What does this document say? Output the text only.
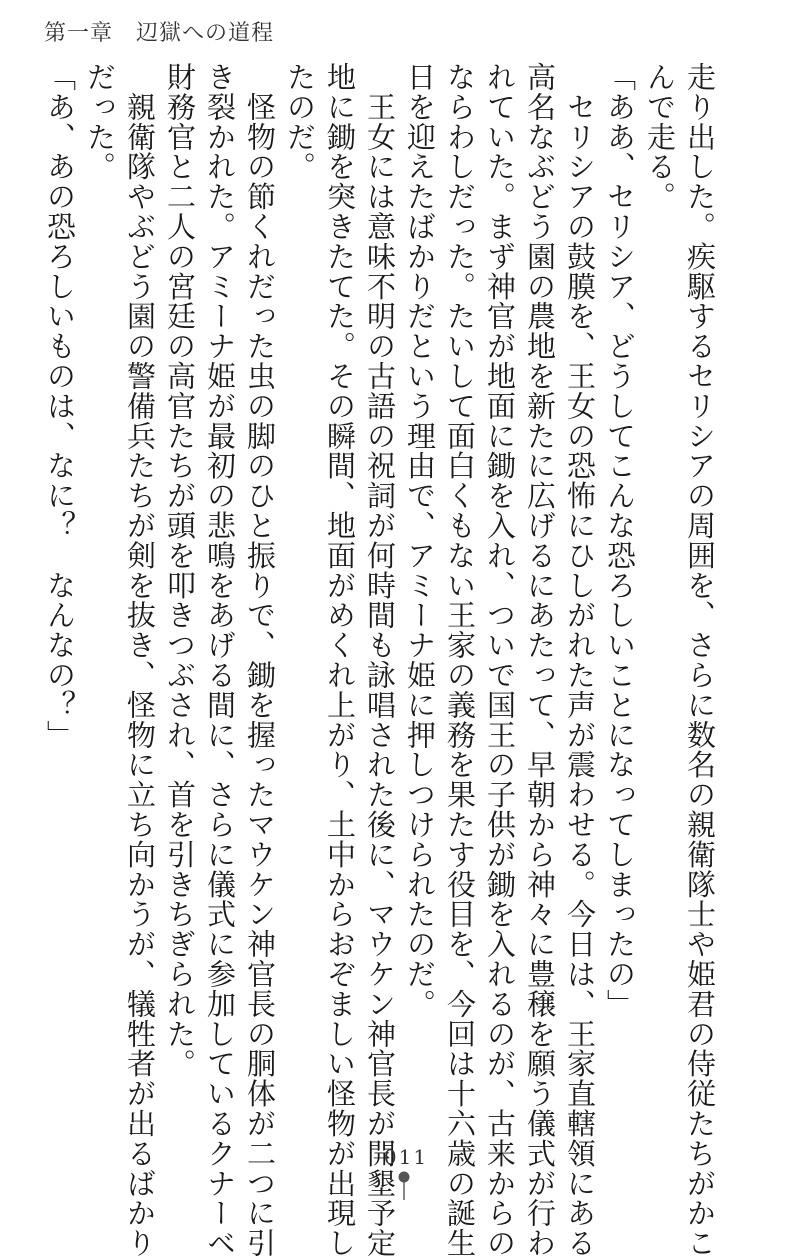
第一章　辺獄への道程
走り出した。疾駆するセリシアの周囲を、さらに数名の親衛隊士や姫君の侍従たちがかこ
んで走る。
「ああ、セリシア、どうしてこんな恐ろしいことになってしまったの」
　セリシアの鼓膜を、王女の恐怖にひしがれた声が震わせる。今日は、王家直轄領にある
高名なぶどう園の農地を新たに広げるにあたって、早朝から神々に豊穣を願う儀式が行わ
れていた。まず神官が地面に鋤を入れ、ついで国王の子供が鋤を入れるのが、古来からの
ならわしだった。たいして面白くもない王家の義務を果たす役目を、今回は十六歳の誕生
日を迎えたばかりだという理由で、アミーナ姫に押しつけられたのだ。
　王女には意味不明の古語の祝詞が何時間も詠唱された後に、マウケン神官長が開墾予定
地に鋤を突きたてた。その瞬間、地面がめくれ上がり、土中からおぞましい怪物が出現し
たのだ。
　怪物の節くれだった虫の脚のひと振りで、鋤を握ったマウケン神官長の胴体が二つに引
き裂かれた。アミーナ姫が最初の悲鳴をあげる間に、さらに儀式に参加しているクナーベ
財務官と二人の宮廷の高官たちが頭を叩きつぶされ、首を引きちぎられた。
　親衛隊やぶどう園の警備兵たちが剣を抜き、怪物に立ち向かうが、犠牲者が出るばかり
だった。
「あ、あの恐ろしいものは、なに？　なんなの？」
011
